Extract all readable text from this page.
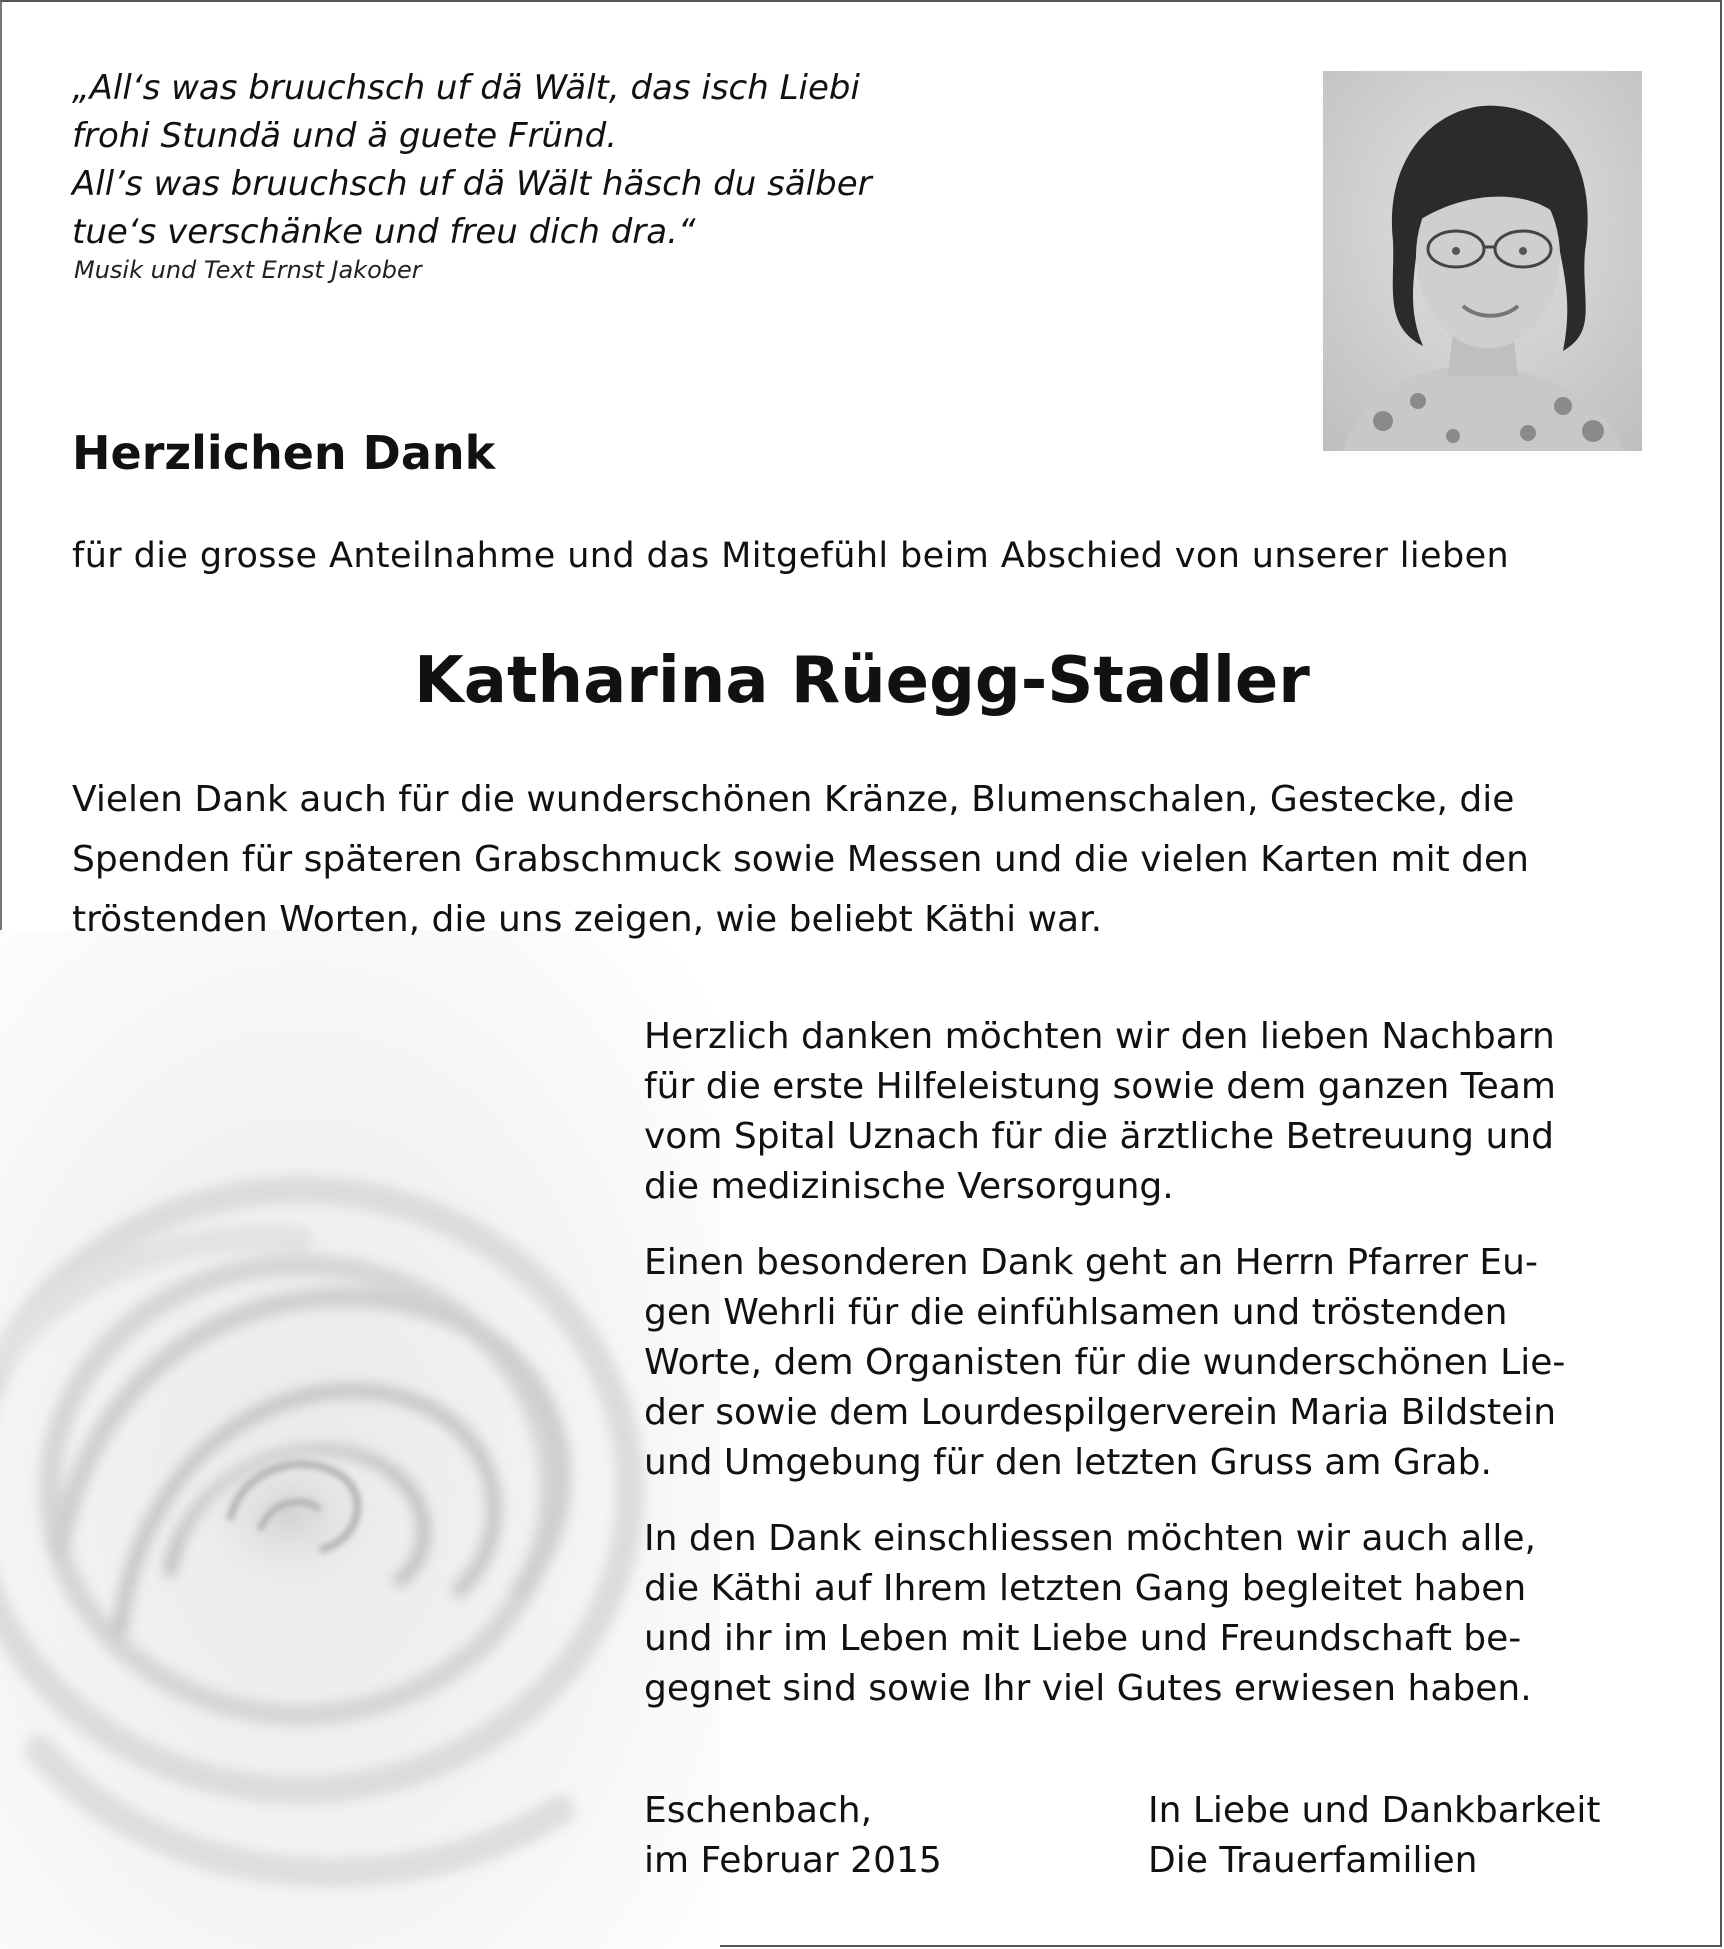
„All‘s was bruuchsch uf dä Wält, das isch Liebi
frohi Stundä und ä guete Fründ.
All’s was bruuchsch uf dä Wält häsch du sälber
tue‘s verschänke und freu dich dra.“
Musik und Text Ernst Jakober
Herzlichen Dank

für die grosse Anteilnahme und das Mitgefühl beim Abschied von unserer lieben

Katharina Rüegg-Stadler
Vielen Dank auch für die wunderschönen Kränze, Blumenschalen, Gestecke, die
Spenden für späteren Grabschmuck sowie Messen und die vielen Karten mit den
tröstenden Worten, die uns zeigen, wie beliebt Käthi war.

Herzlich danken möchten wir den lieben Nachbarn
für die erste Hilfeleistung sowie dem ganzen Team
vom Spital Uznach für die ärztliche Betreuung und
die medizinische Versorgung.

Einen besonderen Dank geht an Herrn Pfarrer Eu-
gen Wehrli für die einfühlsamen und tröstenden
Worte, dem Organisten für die wunderschönen Lie-
der sowie dem Lourdespilgerverein Maria Bildstein
und Umgebung für den letzten Gruss am Grab.

In den Dank einschliessen möchten wir auch alle,
die Käthi auf Ihrem letzten Gang begleitet haben
und ihr im Leben mit Liebe und Freundschaft be-
gegnet sind sowie Ihr viel Gutes erwiesen haben.

Eschenbach,
im Februar 2015
In Liebe und Dankbarkeit
Die Trauerfamilien
